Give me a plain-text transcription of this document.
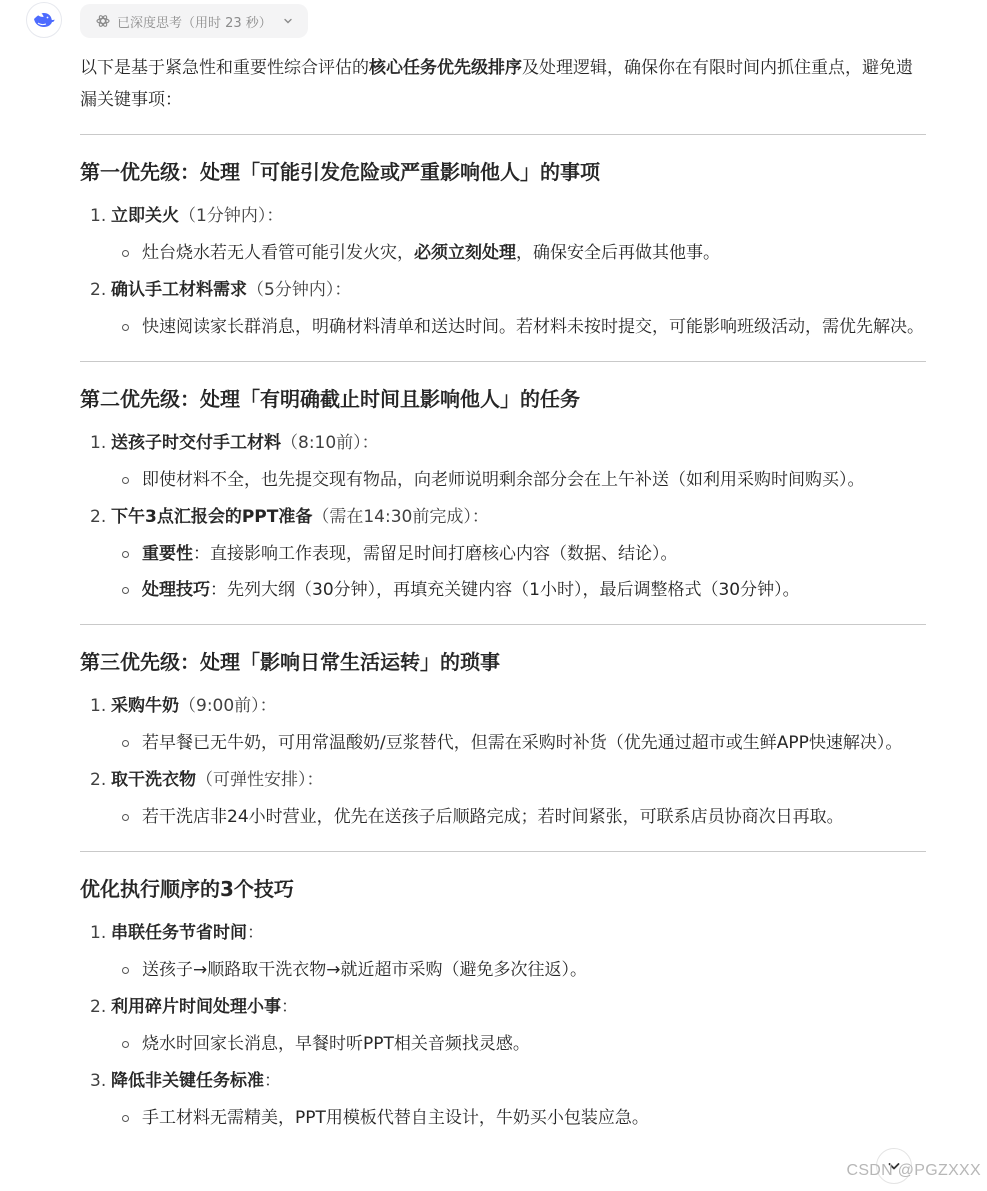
已深度思考（用时 23 秒）

以下是基于紧急性和重要性综合评估的核心任务优先级排序及处理逻辑，确保你在有限时间内抓住重点，避免遗漏关键事项：

第一优先级：处理「可能引发危险或严重影响他人」的事项
1. 立即关火（1分钟内）：
灶台烧水若无人看管可能引发火灾，必须立刻处理，确保安全后再做其他事。
2. 确认手工材料需求（5分钟内）：
快速阅读家长群消息，明确材料清单和送达时间。若材料未按时提交，可能影响班级活动，需优先解决。
第二优先级：处理「有明确截止时间且影响他人」的任务
1. 送孩子时交付手工材料（8:10前）：
即使材料不全，也先提交现有物品，向老师说明剩余部分会在上午补送（如利用采购时间购买）。
2. 下午3点汇报会的PPT准备（需在14:30前完成）：
重要性：直接影响工作表现，需留足时间打磨核心内容（数据、结论）。
处理技巧：先列大纲（30分钟），再填充关键内容（1小时），最后调整格式（30分钟）。
第三优先级：处理「影响日常生活运转」的琐事
1. 采购牛奶（9:00前）：
若早餐已无牛奶，可用常温酸奶/豆浆替代，但需在采购时补货（优先通过超市或生鲜APP快速解决）。
2. 取干洗衣物（可弹性安排）：
若干洗店非24小时营业，优先在送孩子后顺路完成；若时间紧张，可联系店员协商次日再取。
优化执行顺序的3个技巧
1. 串联任务节省时间：
送孩子→顺路取干洗衣物→就近超市采购（避免多次往返）。
2. 利用碎片时间处理小事：
烧水时回家长消息，早餐时听PPT相关音频找灵感。
3. 降低非关键任务标准：
手工材料无需精美，PPT用模板代替自主设计，牛奶买小包装应急。
CSDN @PGZXXX
